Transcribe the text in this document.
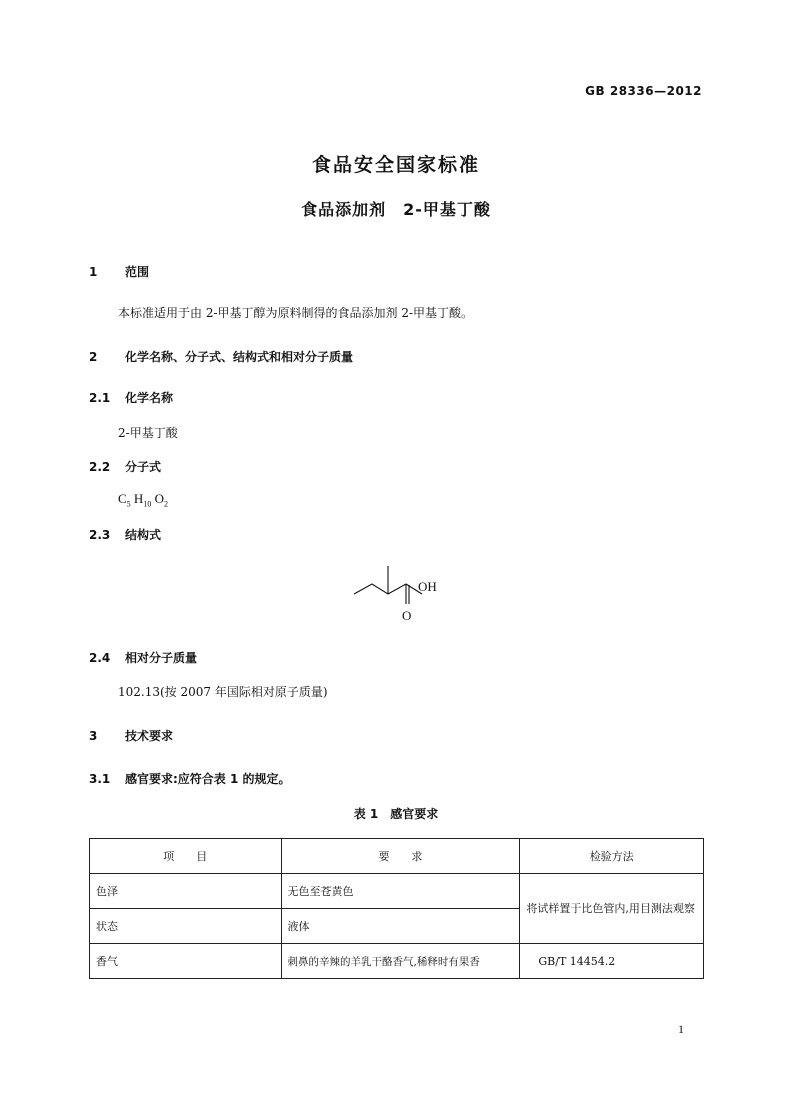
GB 28336—2012
食品安全国家标准
食品添加剂　2-甲基丁酸
1 范围
本标准适用于由 2-甲基丁醇为原料制得的食品添加剂 2-甲基丁酸。
2 化学名称、分子式、结构式和相对分子质量
2.1 化学名称
2-甲基丁酸
2.2 分子式
$C_5$ $H_{10}$ $O_2$
2.3 结构式
OH
O
2.4 相对分子质量
102.13(按 2007 年国际相对原子质量)
3 技术要求
3.1 感官要求:应符合表 1 的规定。
表 1　感官要求
项　　目	要　　求	检验方法
色泽	无色至苍黄色	将试样置于比色管内,用目测法观察
状态	液体	
香气	刺鼻的辛辣的羊乳干酪香气,稀释时有果香	GB/T 14454.2
1
